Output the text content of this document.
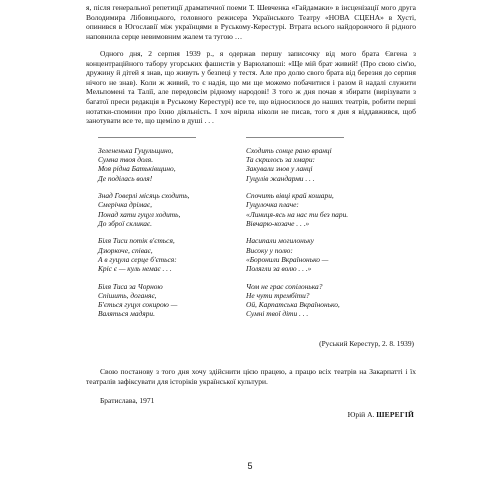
я, після генеральної репетиції драматичної поеми Т. Шевченка «Гайдамаки» в інсценізації мого друга Володимира Лiбовицького, головного режисера Українського Театру «НОВА СЦЕНА» в Хусті, опинився в Югославії між українцями в Руському-Керестурі. Втрата всього найдорожчого й рідного наповнила серце невимовним жалем та тугою …

Одного дня, 2 серпня 1939 р., я одержав першу записочку від мого брата Євгена з концентраційного табору угорських фашистів у Варюлапоші: «Ще мій брат живий! (Про свою сім'ю, дружину й дітей я знав, що живуть у безпеці у тестя. Але про долю свого брата від березня до серпня нічого не знав). Коли ж живий, то є надія, що ми ще можемо побачитися і разом й надалі служити Мельпомені та Талії, але передовсім рідному народові! З того ж дня почав я збирати (вирізувати з багатої преси редакція в Руському Керестурі) все те, що відносилося до наших театрів, робити перші нотатки-спомини про їхню діяльність. І хоч вірила ніколи не писав, того я дня я віддавжився, щоб занотувати все те, що щеміло в душі . . .

Зелененька Гуцульщино,
Сумна твоя доля.
Моя рідна Батьківщино,
Де поділась воля!
Знад Говерлі місяць сходить,
Смерічка дрімає,
Понад хати гуцул ходить,
До зброї скликає.
Біля Тиси потік в'ється,
Дзюркоче, співає,
А в гуцула серце б'ється:
Кріс є — куль немає . . .
Біля Тиса за Чорною
Спішить, доганяє,
Б'ється гуцул сокирою —
Валяться мадяри.
Сходить сонце рано вранці
Та скрилось за хмари:
Закували знов у ланці
Гуцулів жандарми . . .
Спочить вівці край кошари,
Гуцулочка плаче:
«Линиця-ясь на нас ти без пари.
Вівчарю-козаче . . .»
Насипали могилоньку
Високу у полю:
«Боронили Вкраїнонько —
Полягли за волю . . .»
Чом не грає сопілонька?
Не чути трембіти?
Ой, Карпатська Вкраїнонько,
Сумні твої діти . . .
(Руський Керестур, 2. 8. 1939)

Свою постанову з того дня хочу здійснити цією працею, а працю всіх театрів на Закарпатті і їх театралів зафіксувати для історіків української культури.

Братислава, 1971
Юрій А. ШЕРЕГІЙ
5
